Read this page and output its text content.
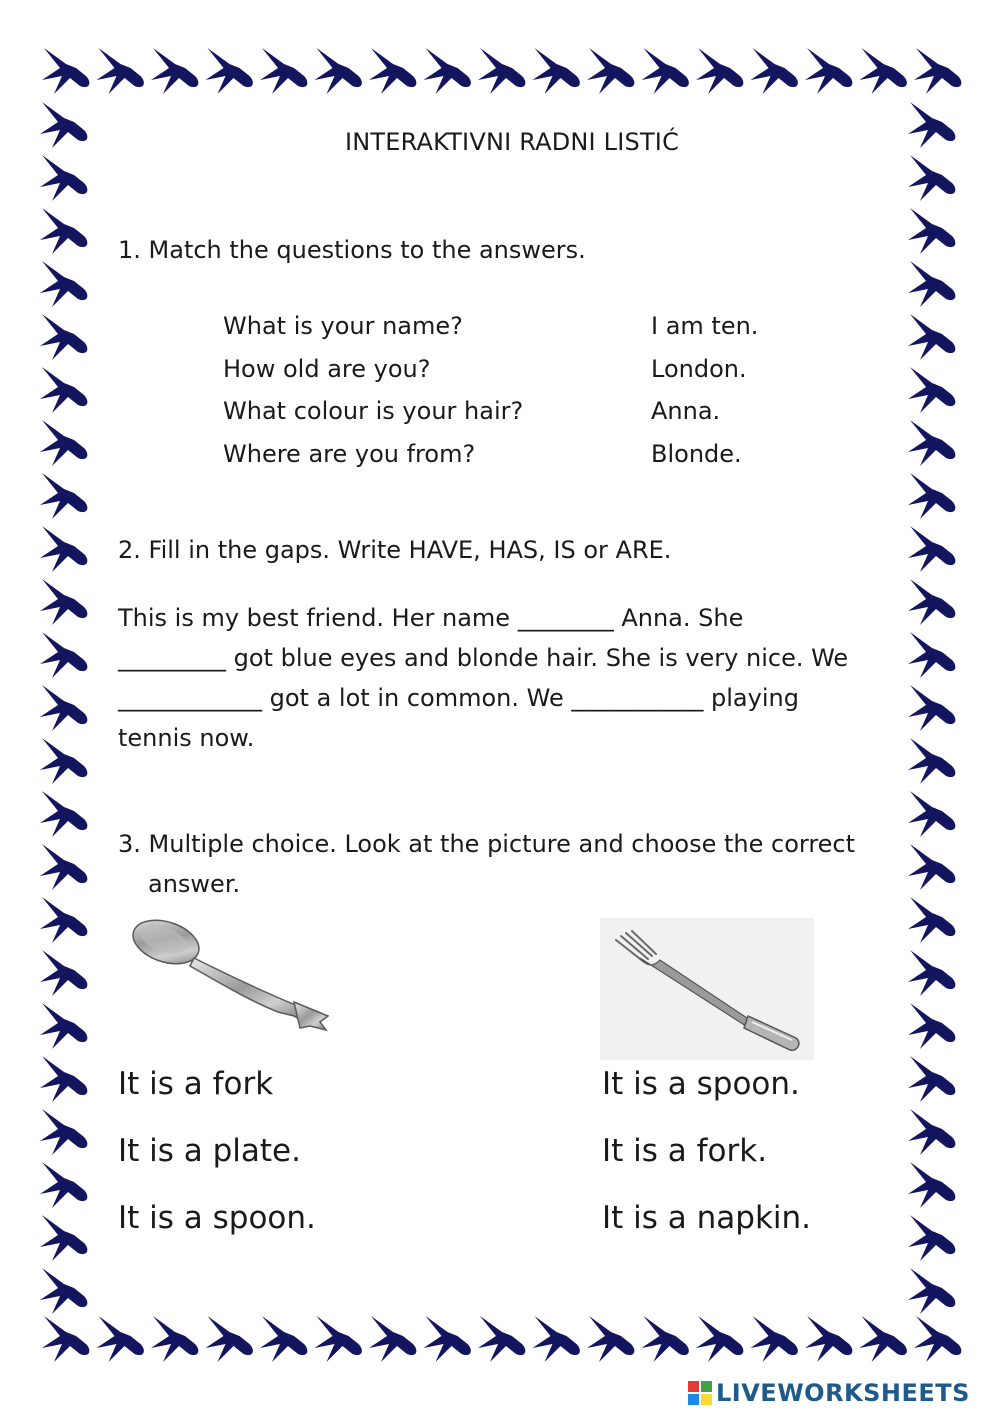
INTERAKTIVNI RADNI LISTIĆ
1. Match the questions to the answers.
What is your name?
How old are you?
What colour is your hair?
Where are you from?
I am ten.
London.
Anna.
Blonde.
2. Fill in the gaps. Write HAVE, HAS, IS or ARE.
This is my best friend. Her name ________ Anna. She
_________ got blue eyes and blonde hair. She is very nice. We
____________ got a lot in common. We ___________ playing
tennis now.
3. Multiple choice. Look at the picture and choose the correct
answer.
It is a fork
It is a plate.
It is a spoon.
It is a spoon.
It is a fork.
It is a napkin.
LIVEWORKSHEETS
